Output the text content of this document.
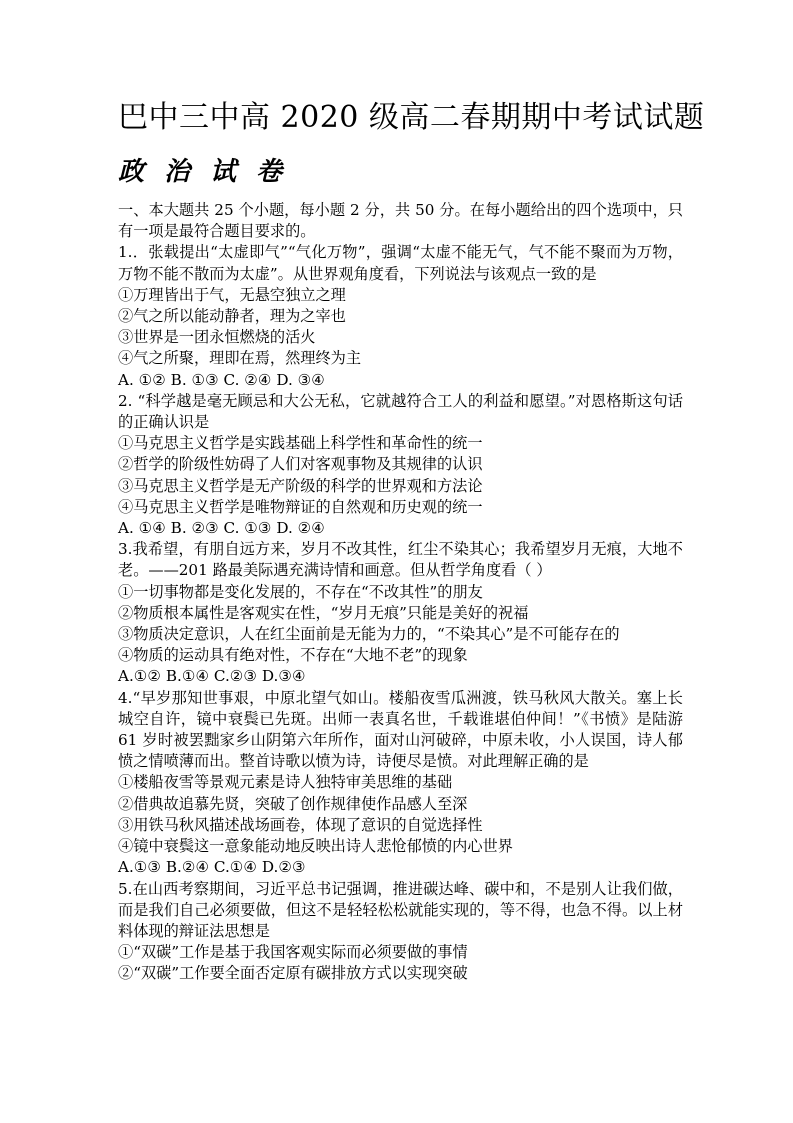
巴中三中高 2020 级高二春期期中考试试题
政治试卷

一、本大题共 25 个小题，每小题 2 分，共 50 分。在每小题给出的四个选项中，只有一项是最符合题目要求的。

1.．张载提出“太虚即气”“气化万物”，强调“太虚不能无气，气不能不聚而为万物，万物不能不散而为太虚”。从世界观角度看，下列说法与该观点一致的是

①万理皆出于气，无悬空独立之理

②气之所以能动静者，理为之宰也

③世界是一团永恒燃烧的活火

④气之所聚，理即在焉，然理终为主

A. ①② B. ①③ C. ②④ D. ③④

2. “科学越是毫无顾忌和大公无私，它就越符合工人的利益和愿望。”对恩格斯这句话的正确认识是

①马克思主义哲学是实践基础上科学性和革命性的统一

②哲学的阶级性妨碍了人们对客观事物及其规律的认识

③马克思主义哲学是无产阶级的科学的世界观和方法论

④马克思主义哲学是唯物辩证的自然观和历史观的统一

A. ①④ B. ②③ C. ①③ D. ②④

3.我希望，有朋自远方来，岁月不改其性，红尘不染其心；我希望岁月无痕，大地不老。——201 路最美际遇充满诗情和画意。但从哲学角度看（ ）

①一切事物都是变化发展的，不存在“不改其性”的朋友

②物质根本属性是客观实在性，“岁月无痕”只能是美好的祝福

③物质决定意识，人在红尘面前是无能为力的，“不染其心”是不可能存在的

④物质的运动具有绝对性，不存在“大地不老”的现象

A.①② B.①④ C.②③ D.③④

4.“早岁那知世事艰，中原北望气如山。楼船夜雪瓜洲渡，铁马秋风大散关。塞上长城空自许，镜中衰鬓已先斑。出师一表真名世，千载谁堪伯仲间！”《书愤》是陆游 61 岁时被罢黜家乡山阴第六年所作，面对山河破碎，中原未收，小人误国，诗人郁愤之情喷薄而出。整首诗歌以愤为诗，诗便尽是愤。对此理解正确的是

①楼船夜雪等景观元素是诗人独特审美思维的基础

②借典故追慕先贤，突破了创作规律使作品感人至深

③用铁马秋风描述战场画卷，体现了意识的自觉选择性

④镜中衰鬓这一意象能动地反映出诗人悲怆郁愤的内心世界

A.①③ B.②④ C.①④ D.②③

5.在山西考察期间，习近平总书记强调，推进碳达峰、碳中和，不是别人让我们做，而是我们自己必须要做，但这不是轻轻松松就能实现的，等不得，也急不得。以上材料体现的辩证法思想是

①“双碳”工作是基于我国客观实际而必须要做的事情

②“双碳”工作要全面否定原有碳排放方式以实现突破
